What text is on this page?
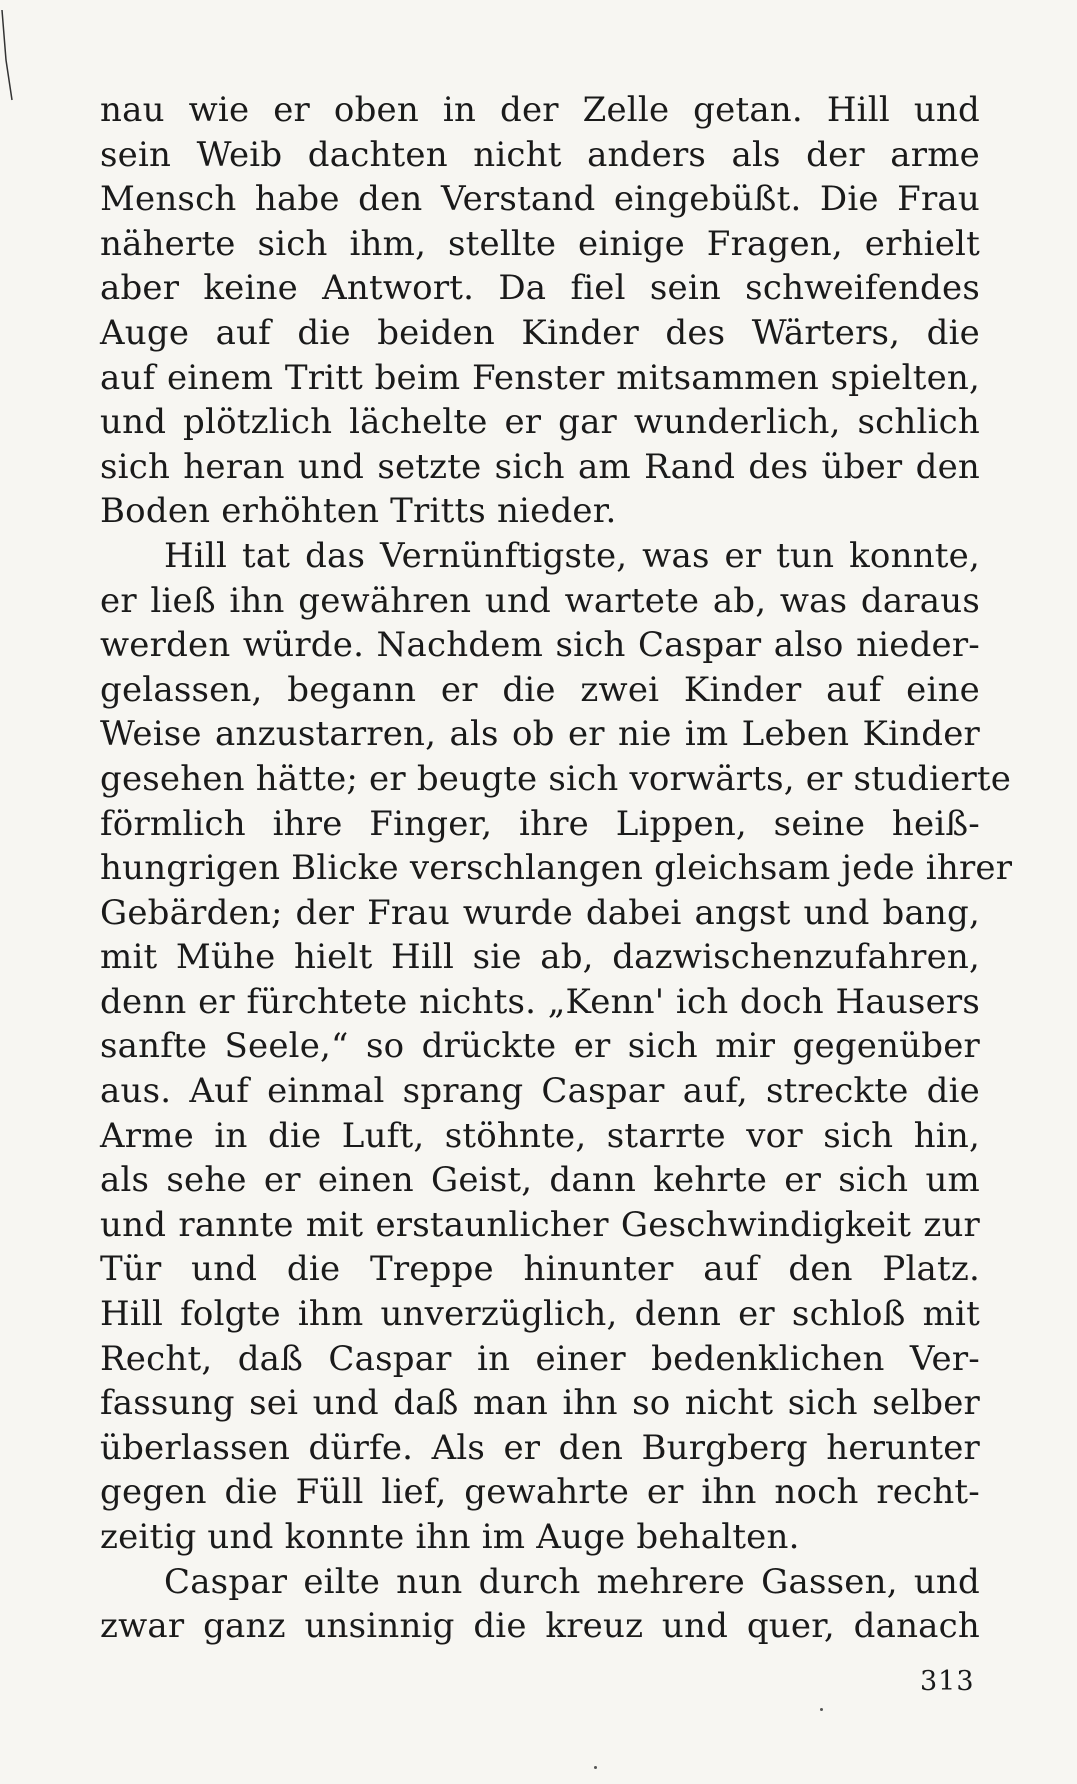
nau wie er oben in der Zelle getan. Hill und
sein Weib dachten nicht anders als der arme
Mensch habe den Verstand eingebüßt. Die Frau
näherte sich ihm, stellte einige Fragen, erhielt
aber keine Antwort. Da fiel sein schweifendes
Auge auf die beiden Kinder des Wärters, die
auf einem Tritt beim Fenster mitsammen spielten,
und plötzlich lächelte er gar wunderlich, schlich
sich heran und setzte sich am Rand des über den
Boden erhöhten Tritts nieder.
Hill tat das Vernünftigste, was er tun konnte,
er ließ ihn gewähren und wartete ab, was daraus
werden würde. Nachdem sich Caspar also nieder-
gelassen, begann er die zwei Kinder auf eine
Weise anzustarren, als ob er nie im Leben Kinder
gesehen hätte; er beugte sich vorwärts, er studierte
förmlich ihre Finger, ihre Lippen, seine heiß-
hungrigen Blicke verschlangen gleichsam jede ihrer
Gebärden; der Frau wurde dabei angst und bang,
mit Mühe hielt Hill sie ab, dazwischenzufahren,
denn er fürchtete nichts. „Kenn' ich doch Hausers
sanfte Seele,“ so drückte er sich mir gegenüber
aus. Auf einmal sprang Caspar auf, streckte die
Arme in die Luft, stöhnte, starrte vor sich hin,
als sehe er einen Geist, dann kehrte er sich um
und rannte mit erstaunlicher Geschwindigkeit zur
Tür und die Treppe hinunter auf den Platz.
Hill folgte ihm unverzüglich, denn er schloß mit
Recht, daß Caspar in einer bedenklichen Ver-
fassung sei und daß man ihn so nicht sich selber
überlassen dürfe. Als er den Burgberg herunter
gegen die Füll lief, gewahrte er ihn noch recht-
zeitig und konnte ihn im Auge behalten.
Caspar eilte nun durch mehrere Gassen, und
zwar ganz unsinnig die kreuz und quer, danach
313
